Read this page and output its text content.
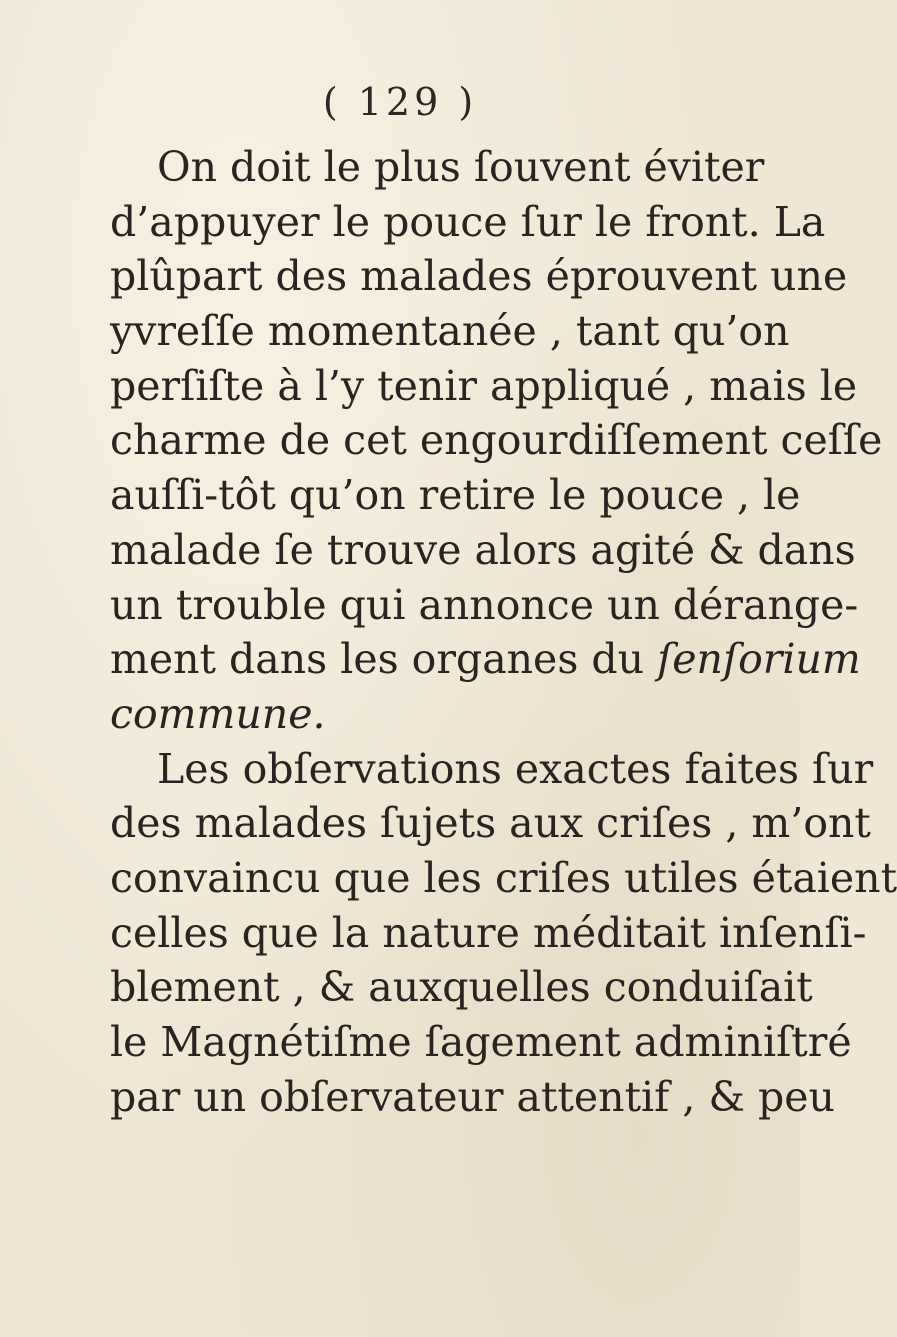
( 129 )
On doit le plus ſouvent éviter
d’appuyer le pouce ſur le front. La
plûpart des malades éprouvent une
yvreſſe momentanée , tant qu’on
perſiſte à l’y tenir appliqué , mais le
charme de cet engourdiſſement ceſſe
auſſi-tôt qu’on retire le pouce , le
malade ſe trouve alors agité & dans
un trouble qui annonce un dérange-
ment dans les organes du ſenſorium
commune.
Les obſervations exactes faites ſur
des malades ſujets aux criſes , m’ont
convaincu que les criſes utiles étaient
celles que la nature méditait inſenſi-
blement , & auxquelles conduiſait
le Magnétiſme ſagement adminiſtré
par un obſervateur attentif , & peu
